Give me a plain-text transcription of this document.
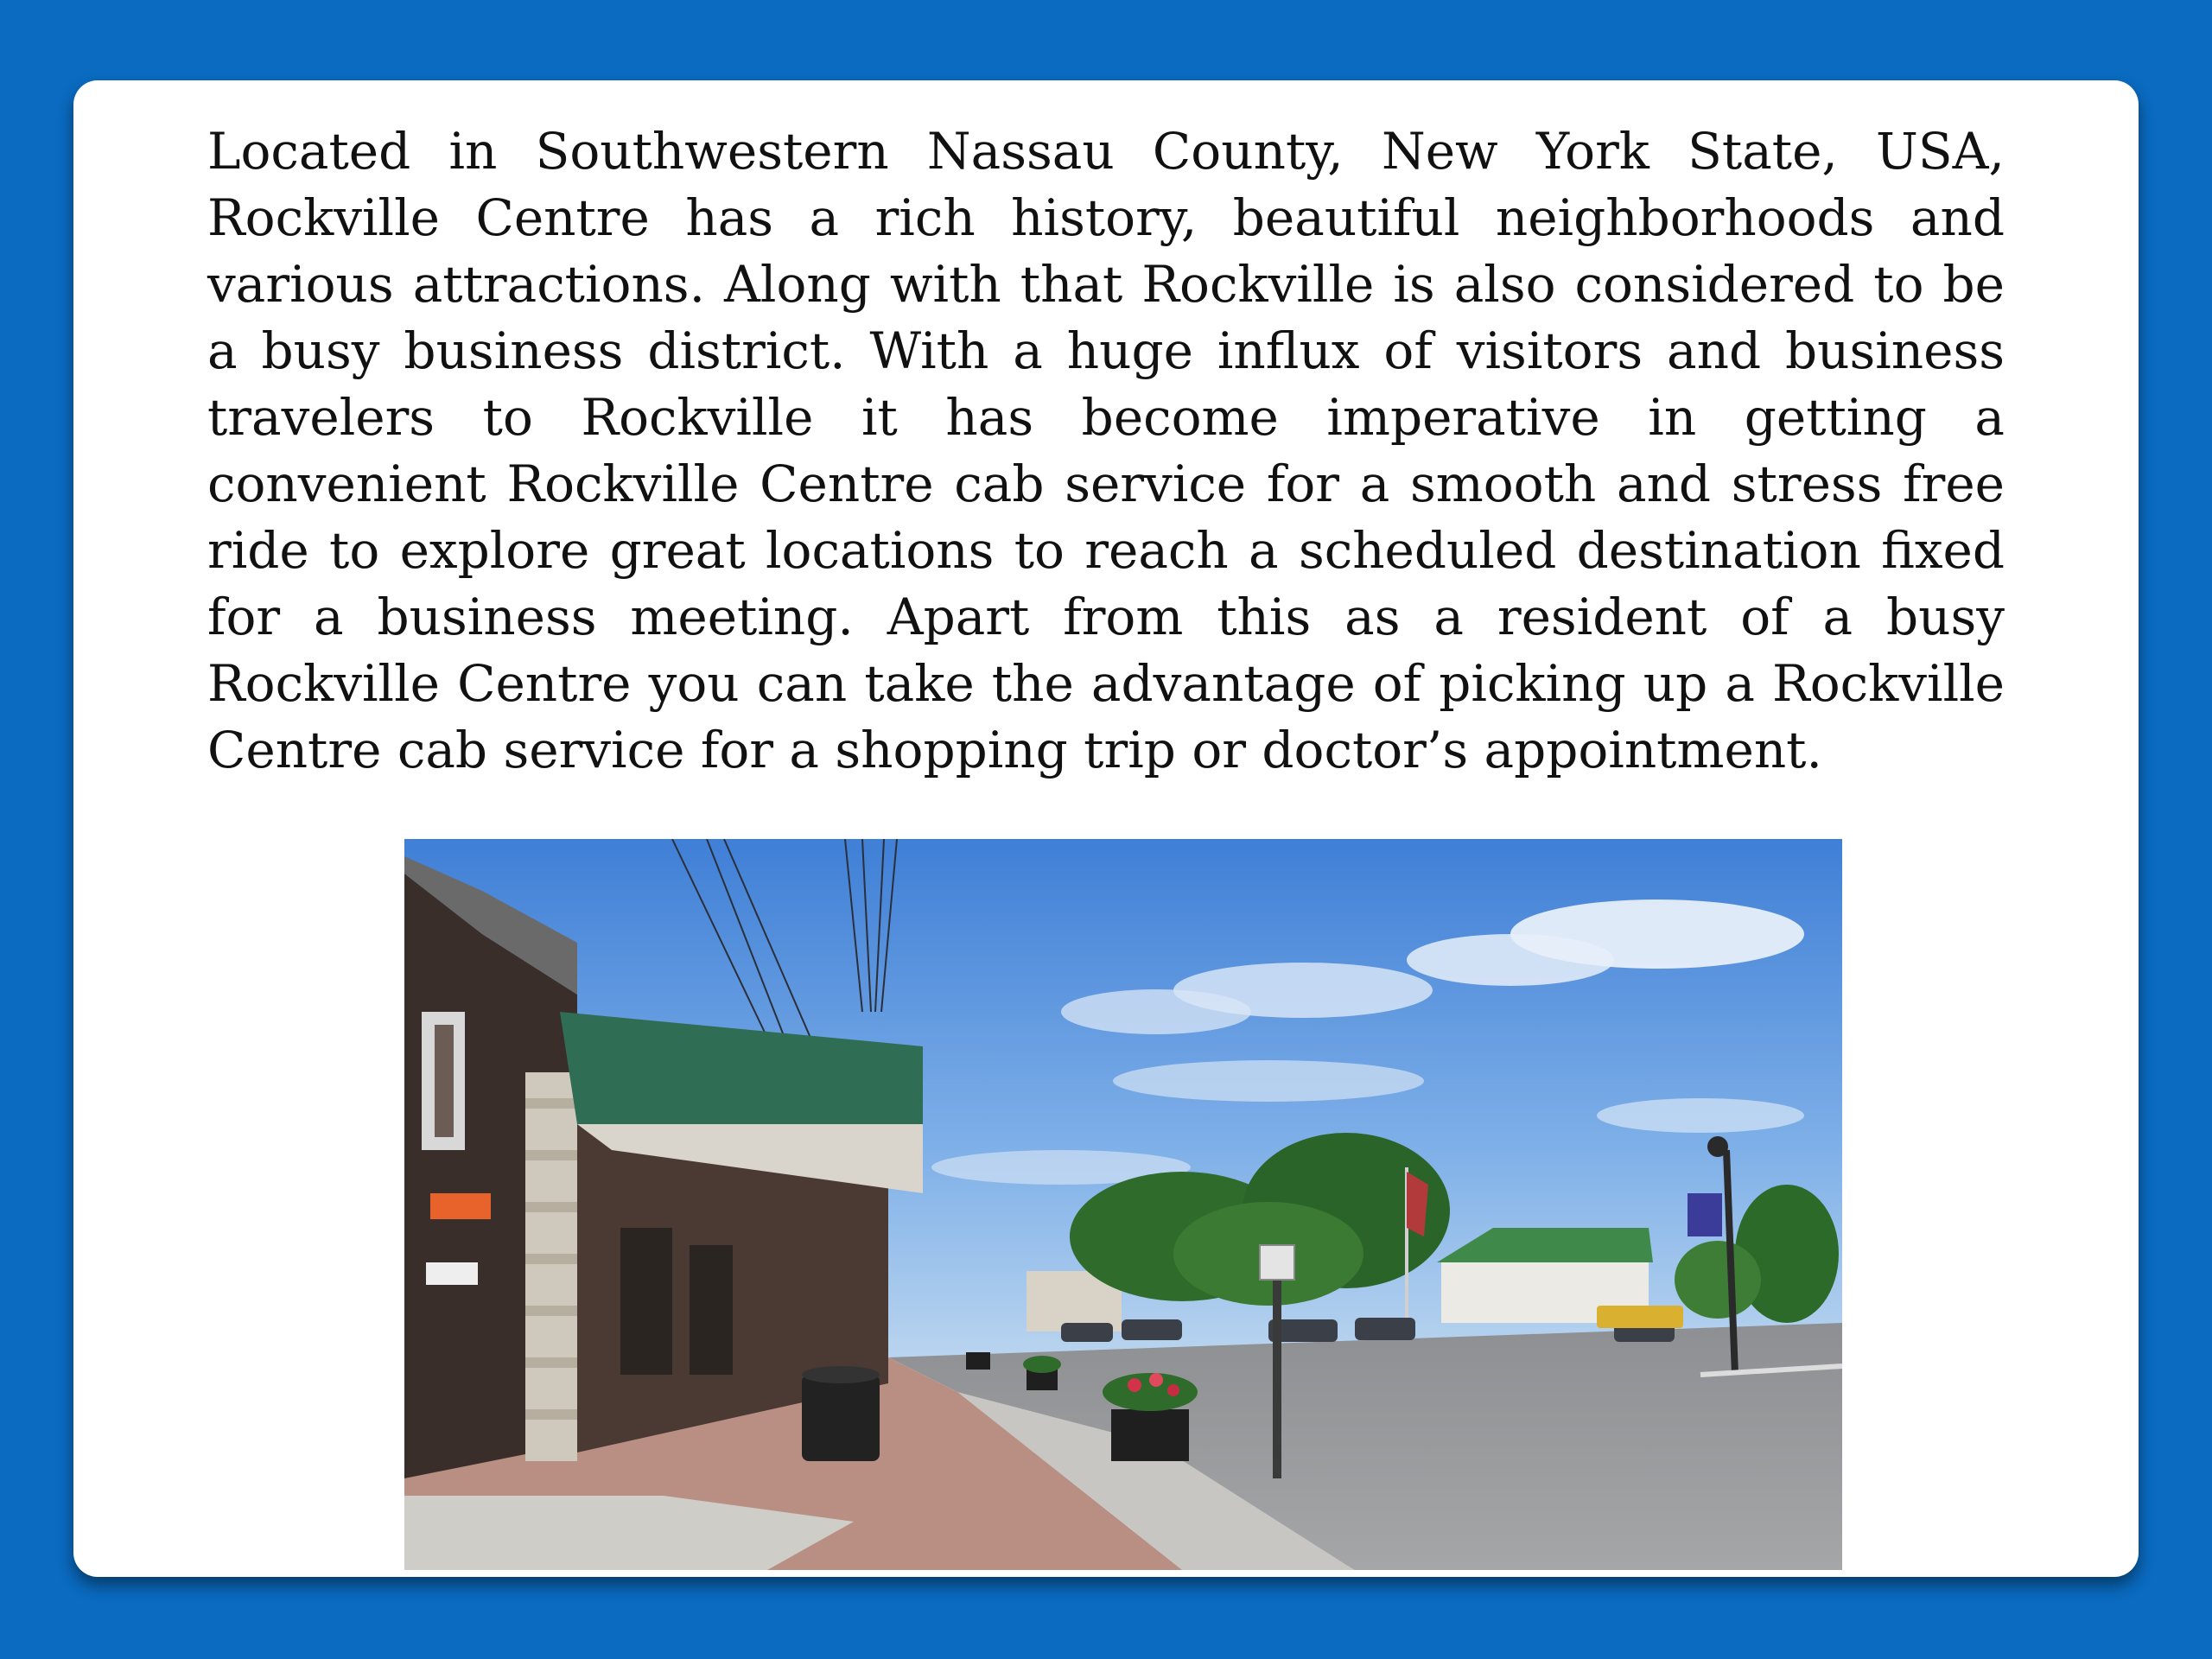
Located in Southwestern Nassau County, New York State, USA, Rockville Centre has a rich history, beautiful neighborhoods and various attractions. Along with that Rockville is also considered to be a busy business district. With a huge influx of visitors and business travelers to Rockville it has become imperative in getting a convenient Rockville Centre cab service for a smooth and stress free ride to explore great locations to reach a scheduled destination fixed for a business meeting. Apart from this as a resident of a busy Rockville Centre you can take the advantage of picking up a Rockville Centre cab service for a shopping trip or doctor’s appointment.
